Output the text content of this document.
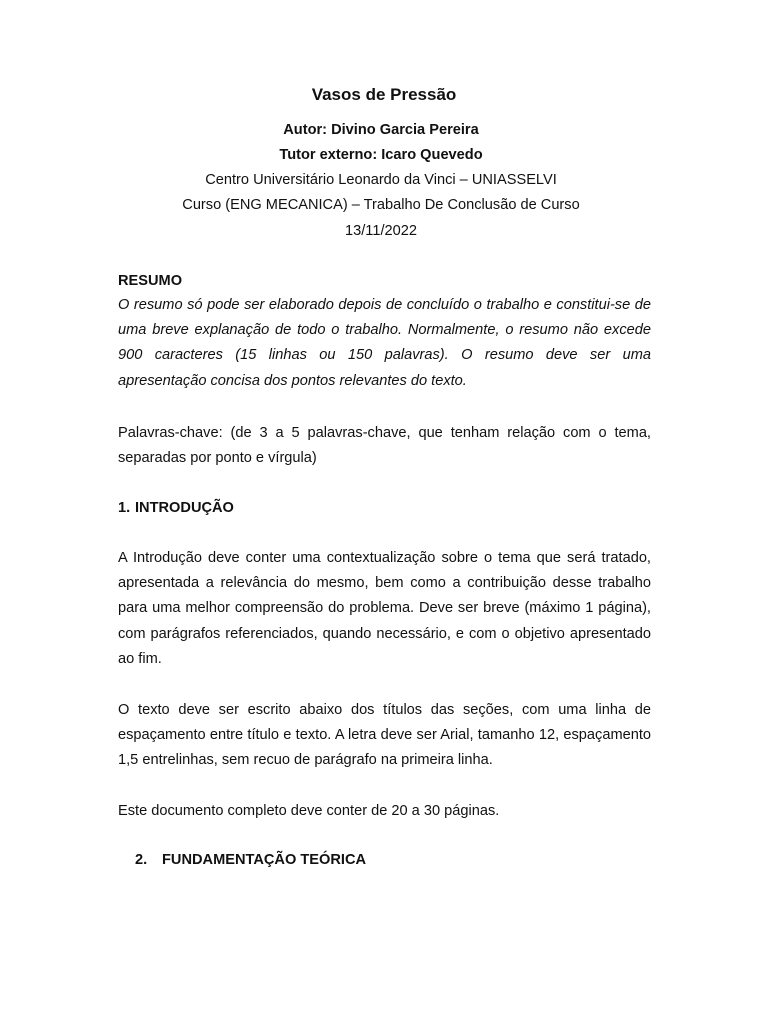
Vasos de Pressão
Autor: Divino Garcia Pereira
Tutor externo: Icaro Quevedo
Centro Universitário Leonardo da Vinci – UNIASSELVI
Curso (ENG MECANICA) – Trabalho De Conclusão de Curso
13/11/2022
RESUMO
O resumo só pode ser elaborado depois de concluído o trabalho e constitui-se de uma breve explanação de todo o trabalho. Normalmente, o resumo não excede 900 caracteres (15 linhas ou 150 palavras). O resumo deve ser uma apresentação concisa dos pontos relevantes do texto.
Palavras-chave: (de 3 a 5 palavras-chave, que tenham relação com o tema, separadas por ponto e vírgula)
1. INTRODUÇÃO
A Introdução deve conter uma contextualização sobre o tema que será tratado, apresentada a relevância do mesmo, bem como a contribuição desse trabalho para uma melhor compreensão do problema. Deve ser breve (máximo 1 página), com parágrafos referenciados, quando necessário, e com o objetivo apresentado ao fim.
O texto deve ser escrito abaixo dos títulos das seções, com uma linha de espaçamento entre título e texto. A letra deve ser Arial, tamanho 12, espaçamento 1,5 entrelinhas, sem recuo de parágrafo na primeira linha.
Este documento completo deve conter de 20 a 30 páginas.
2. FUNDAMENTAÇÃO TEÓRICA
